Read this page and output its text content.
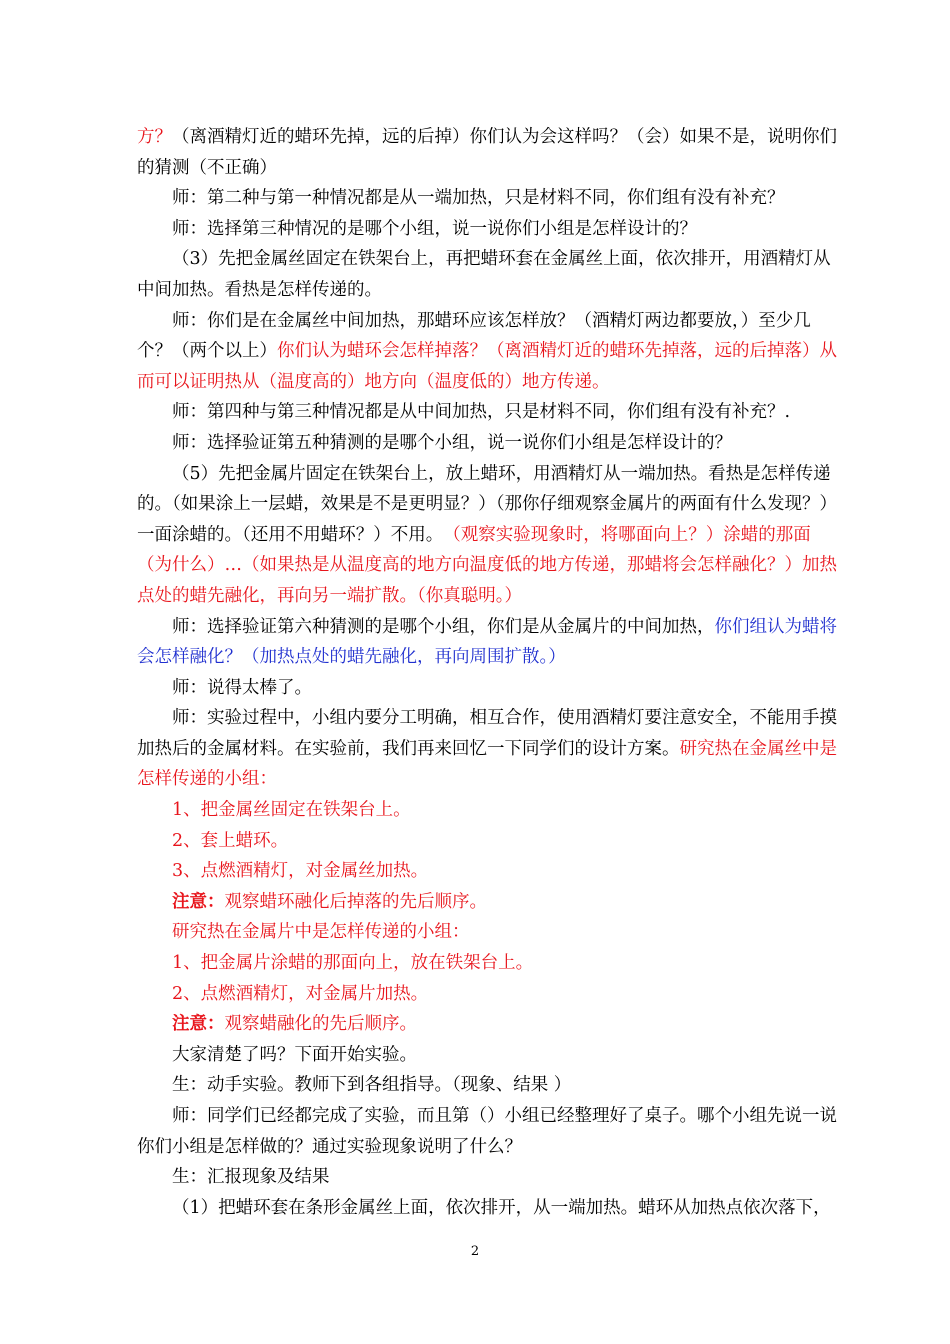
方？（离酒精灯近的蜡环先掉，远的后掉）你们认为会这样吗？（会）如果不是，说明你们的猜测（不正确）

师：第二种与第一种情况都是从一端加热，只是材料不同，你们组有没有补充？

师：选择第三种情况的是哪个小组，说一说你们小组是怎样设计的？

（3）先把金属丝固定在铁架台上，再把蜡环套在金属丝上面，依次排开，用酒精灯从中间加热。看热是怎样传递的。

师：你们是在金属丝中间加热，那蜡环应该怎样放？（酒精灯两边都要放，）至少几个？（两个以上）你们认为蜡环会怎样掉落？（离酒精灯近的蜡环先掉落，远的后掉落）从而可以证明热从（温度高的）地方向（温度低的）地方传递。

师：第四种与第三种情况都是从中间加热，只是材料不同，你们组有没有补充？.

师：选择验证第五种猜测的是哪个小组，说一说你们小组是怎样设计的？

（5）先把金属片固定在铁架台上，放上蜡环，用酒精灯从一端加热。看热是怎样传递的。（如果涂上一层蜡，效果是不是更明显？）（那你仔细观察金属片的两面有什么发现？）一面涂蜡的。（还用不用蜡环？）不用。　（观察实验现象时，将哪面向上？）涂蜡的那面（为什么）…（如果热是从温度高的地方向温度低的地方传递，那蜡将会怎样融化？）加热点处的蜡先融化，再向另一端扩散。（你真聪明。）

师：选择验证第六种猜测的是哪个小组，你们是从金属片的中间加热，你们组认为蜡将会怎样融化？（加热点处的蜡先融化，再向周围扩散。）

师：说得太棒了。

师：实验过程中，小组内要分工明确，相互合作，使用酒精灯要注意安全，不能用手摸加热后的金属材料。在实验前，我们再来回忆一下同学们的设计方案。研究热在金属丝中是怎样传递的小组：

1、把金属丝固定在铁架台上。

2、套上蜡环。

3、点燃酒精灯，对金属丝加热。

注意：观察蜡环融化后掉落的先后顺序。

研究热在金属片中是怎样传递的小组：

1、把金属片涂蜡的那面向上，放在铁架台上。

2、点燃酒精灯，对金属片加热。

注意：观察蜡融化的先后顺序。

大家清楚了吗？下面开始实验。

生：动手实验。教师下到各组指导。（现象、结果 ）

师：同学们已经都完成了实验，而且第（）小组已经整理好了桌子。哪个小组先说一说你们小组是怎样做的？通过实验现象说明了什么？

生：汇报现象及结果

（1）把蜡环套在条形金属丝上面，依次排开，从一端加热。蜡环从加热点依次落下，

2
